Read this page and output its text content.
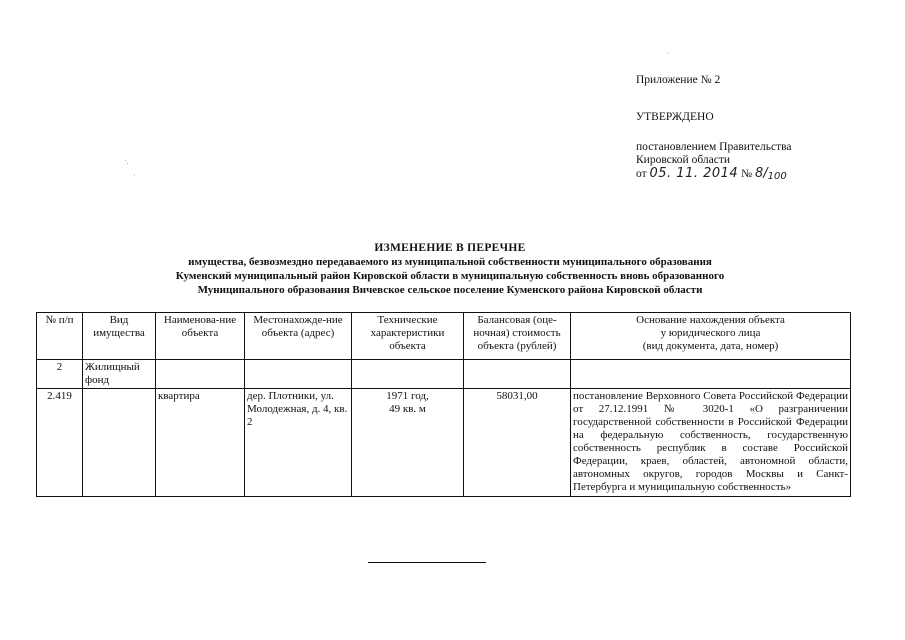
Приложение № 2
УТВЕРЖДЕНО
постановлением Правительства
Кировской области
от 05. 11. 2014 № 8/100
·
·.
·
ИЗМЕНЕНИЕ В ПЕРЕЧНЕ
имущества, безвозмездно передаваемого из муниципальной собственности муниципального образования
Куменский муниципальный район Кировской области в муниципальную собственность вновь образованного
Муниципального образования Вичевское сельское поселение Куменского района Кировской области
№ п/п	Вид имущества	Наименова-ние объекта	Местонахожде-ние объекта (адрес)	Технические характеристики объекта	Балансовая (оце-ночная) стоимость объекта (рублей)	Основание нахождения объекта
у юридического лица
(вид документа, дата, номер)

2	Жилищный фонд					
2.419		квартира	дер. Плотники, ул. Молодежная, д. 4, кв. 2	1971 год,
49 кв. м	58031,00	постановление Верховного Совета Российской Федерации от 27.12.1991 № 3020-1 «О разграничении государственной собственности в Российской Федерации на федеральную собственность, государственную собственность республик в составе Российской Федерации, краев, областей, автономной области, автономных округов, городов Москвы и Санкт-Петербурга и муниципальную собственность»
